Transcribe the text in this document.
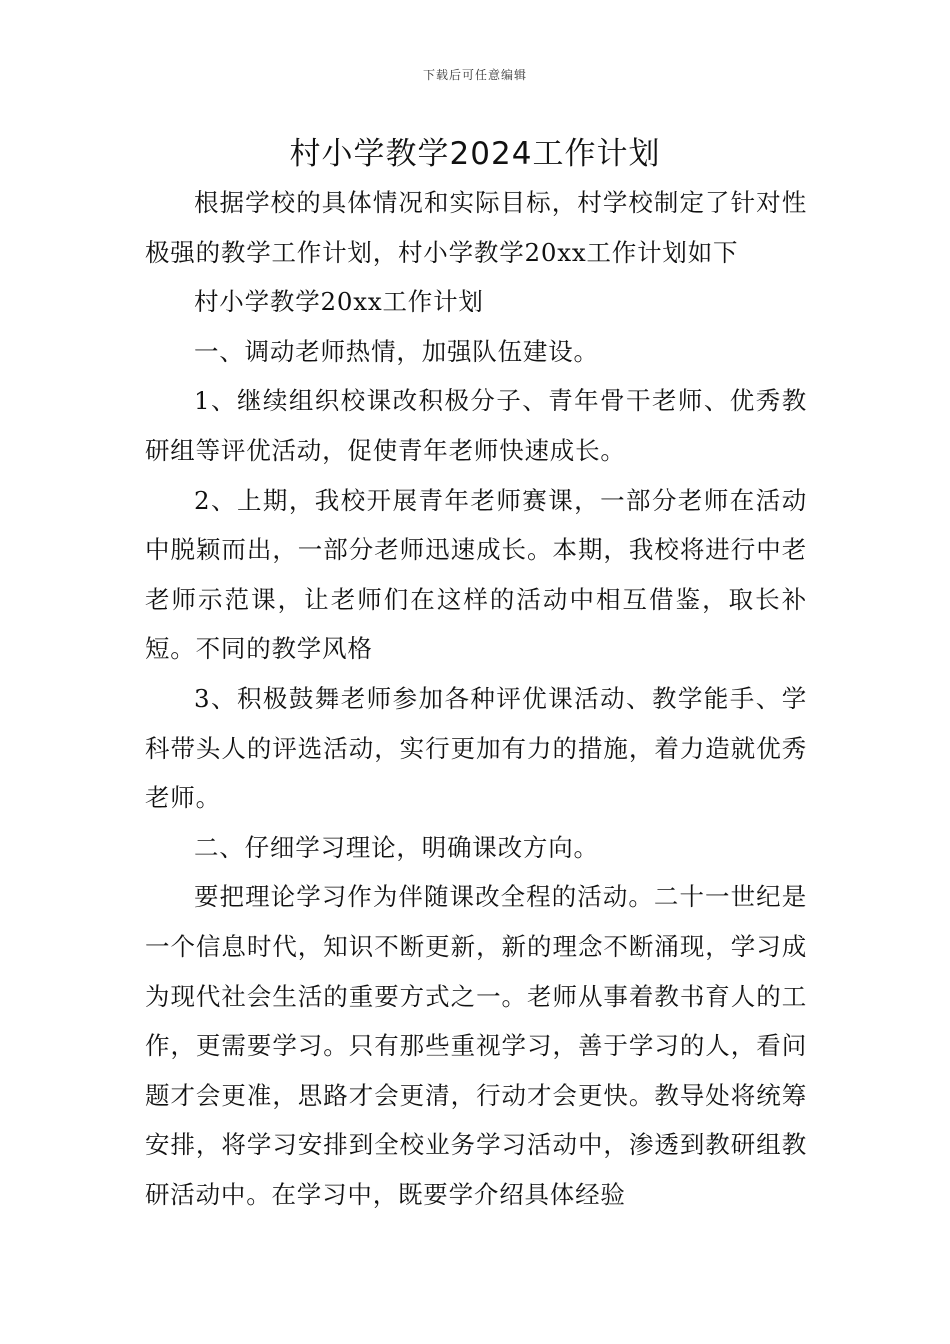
下载后可任意编辑
村小学教学2024工作计划

根据学校的具体情况和实际目标，村学校制定了针对性极强的教学工作计划，村小学教学20xx工作计划如下

村小学教学20xx工作计划

一、调动老师热情，加强队伍建设。

1、继续组织校课改积极分子、青年骨干老师、优秀教研组等评优活动，促使青年老师快速成长。

2、上期，我校开展青年老师赛课，一部分老师在活动中脱颖而出，一部分老师迅速成长。本期，我校将进行中老老师示范课，让老师们在这样的活动中相互借鉴，取长补短。不同的教学风格

3、积极鼓舞老师参加各种评优课活动、教学能手、学科带头人的评选活动，实行更加有力的措施，着力造就优秀老师。

二、仔细学习理论，明确课改方向。

要把理论学习作为伴随课改全程的活动。二十一世纪是一个信息时代，知识不断更新，新的理念不断涌现，学习成为现代社会生活的重要方式之一。老师从事着教书育人的工作，更需要学习。只有那些重视学习，善于学习的人，看问题才会更准，思路才会更清，行动才会更快。教导处将统筹安排，将学习安排到全校业务学习活动中，渗透到教研组教研活动中。在学习中，既要学介绍具体经验
